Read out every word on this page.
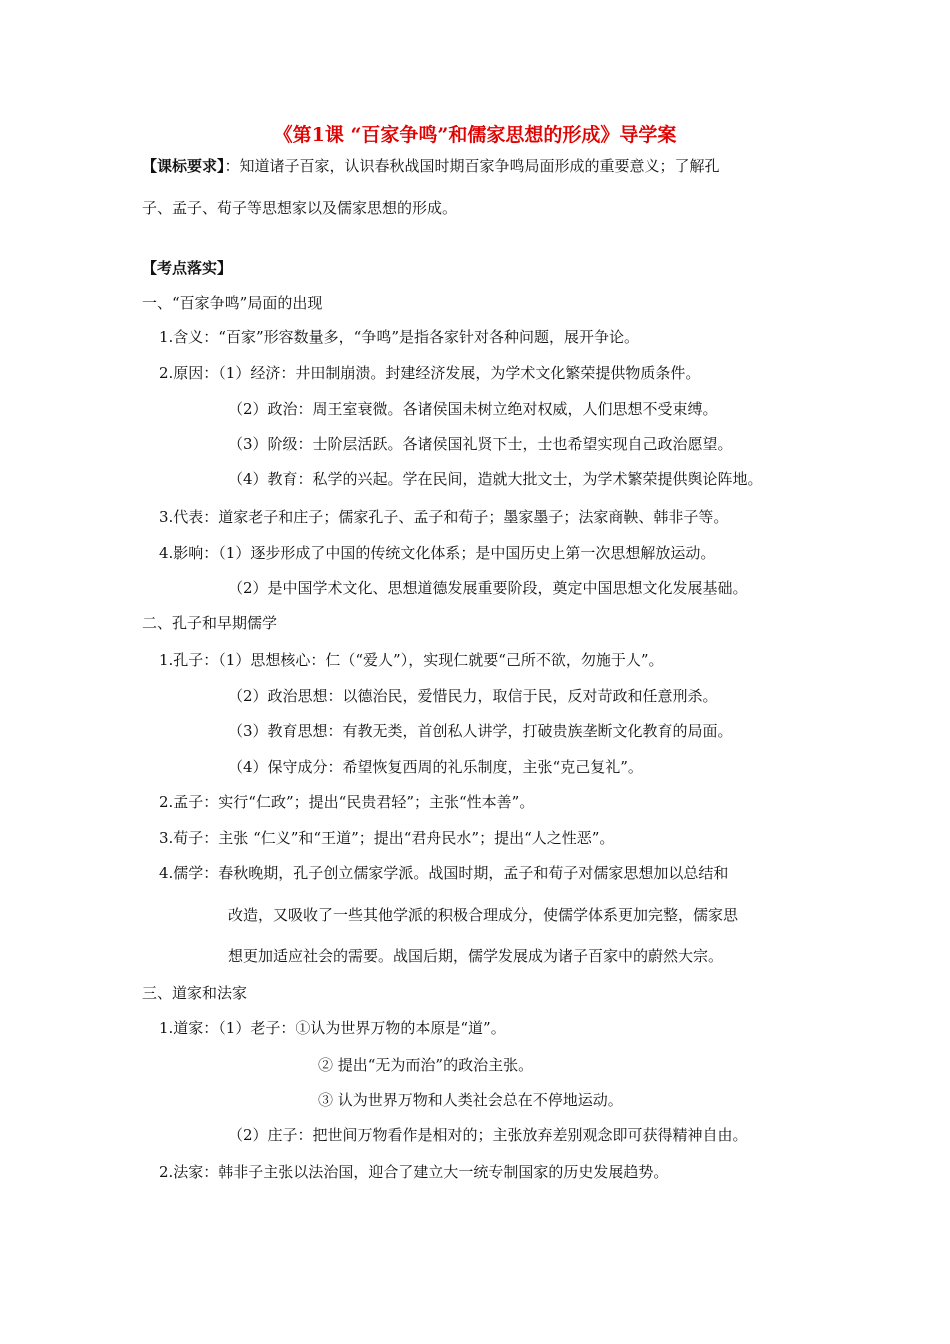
《第1课 “百家争鸣”和儒家思想的形成》导学案
【课标要求】：知道诸子百家，认识春秋战国时期百家争鸣局面形成的重要意义；了解孔
子、孟子、荀子等思想家以及儒家思想的形成。
【考点落实】
一、“百家争鸣”局面的出现
1.含义：“百家”形容数量多，“争鸣”是指各家针对各种问题，展开争论。
2.原因：（1）经济：井田制崩溃。封建经济发展，为学术文化繁荣提供物质条件。
（2）政治：周王室衰微。各诸侯国未树立绝对权威，人们思想不受束缚。
（3）阶级：士阶层活跃。各诸侯国礼贤下士，士也希望实现自己政治愿望。
（4）教育：私学的兴起。学在民间，造就大批文士，为学术繁荣提供舆论阵地。
3.代表：道家老子和庄子；儒家孔子、孟子和荀子；墨家墨子；法家商鞅、韩非子等。
4.影响：（1）逐步形成了中国的传统文化体系；是中国历史上第一次思想解放运动。
（2）是中国学术文化、思想道德发展重要阶段，奠定中国思想文化发展基础。
二、孔子和早期儒学
1.孔子：（1）思想核心：仁（“爱人”），实现仁就要“己所不欲，勿施于人”。
（2）政治思想：以德治民，爱惜民力，取信于民，反对苛政和任意刑杀。
（3）教育思想：有教无类，首创私人讲学，打破贵族垄断文化教育的局面。
（4）保守成分：希望恢复西周的礼乐制度，主张“克己复礼”。
2.孟子：实行“仁政”；提出“民贵君轻”；主张“性本善”。
3.荀子：主张 “仁义”和“王道”；提出“君舟民水”；提出“人之性恶”。
4.儒学：春秋晚期，孔子创立儒家学派。战国时期，孟子和荀子对儒家思想加以总结和
改造，又吸收了一些其他学派的积极合理成分，使儒学体系更加完整，儒家思
想更加适应社会的需要。战国后期，儒学发展成为诸子百家中的蔚然大宗。
三、道家和法家
1.道家：（1）老子：①认为世界万物的本原是“道”。
② 提出“无为而治”的政治主张。
③ 认为世界万物和人类社会总在不停地运动。
（2）庄子：把世间万物看作是相对的；主张放弃差别观念即可获得精神自由。
2.法家：韩非子主张以法治国，迎合了建立大一统专制国家的历史发展趋势。
